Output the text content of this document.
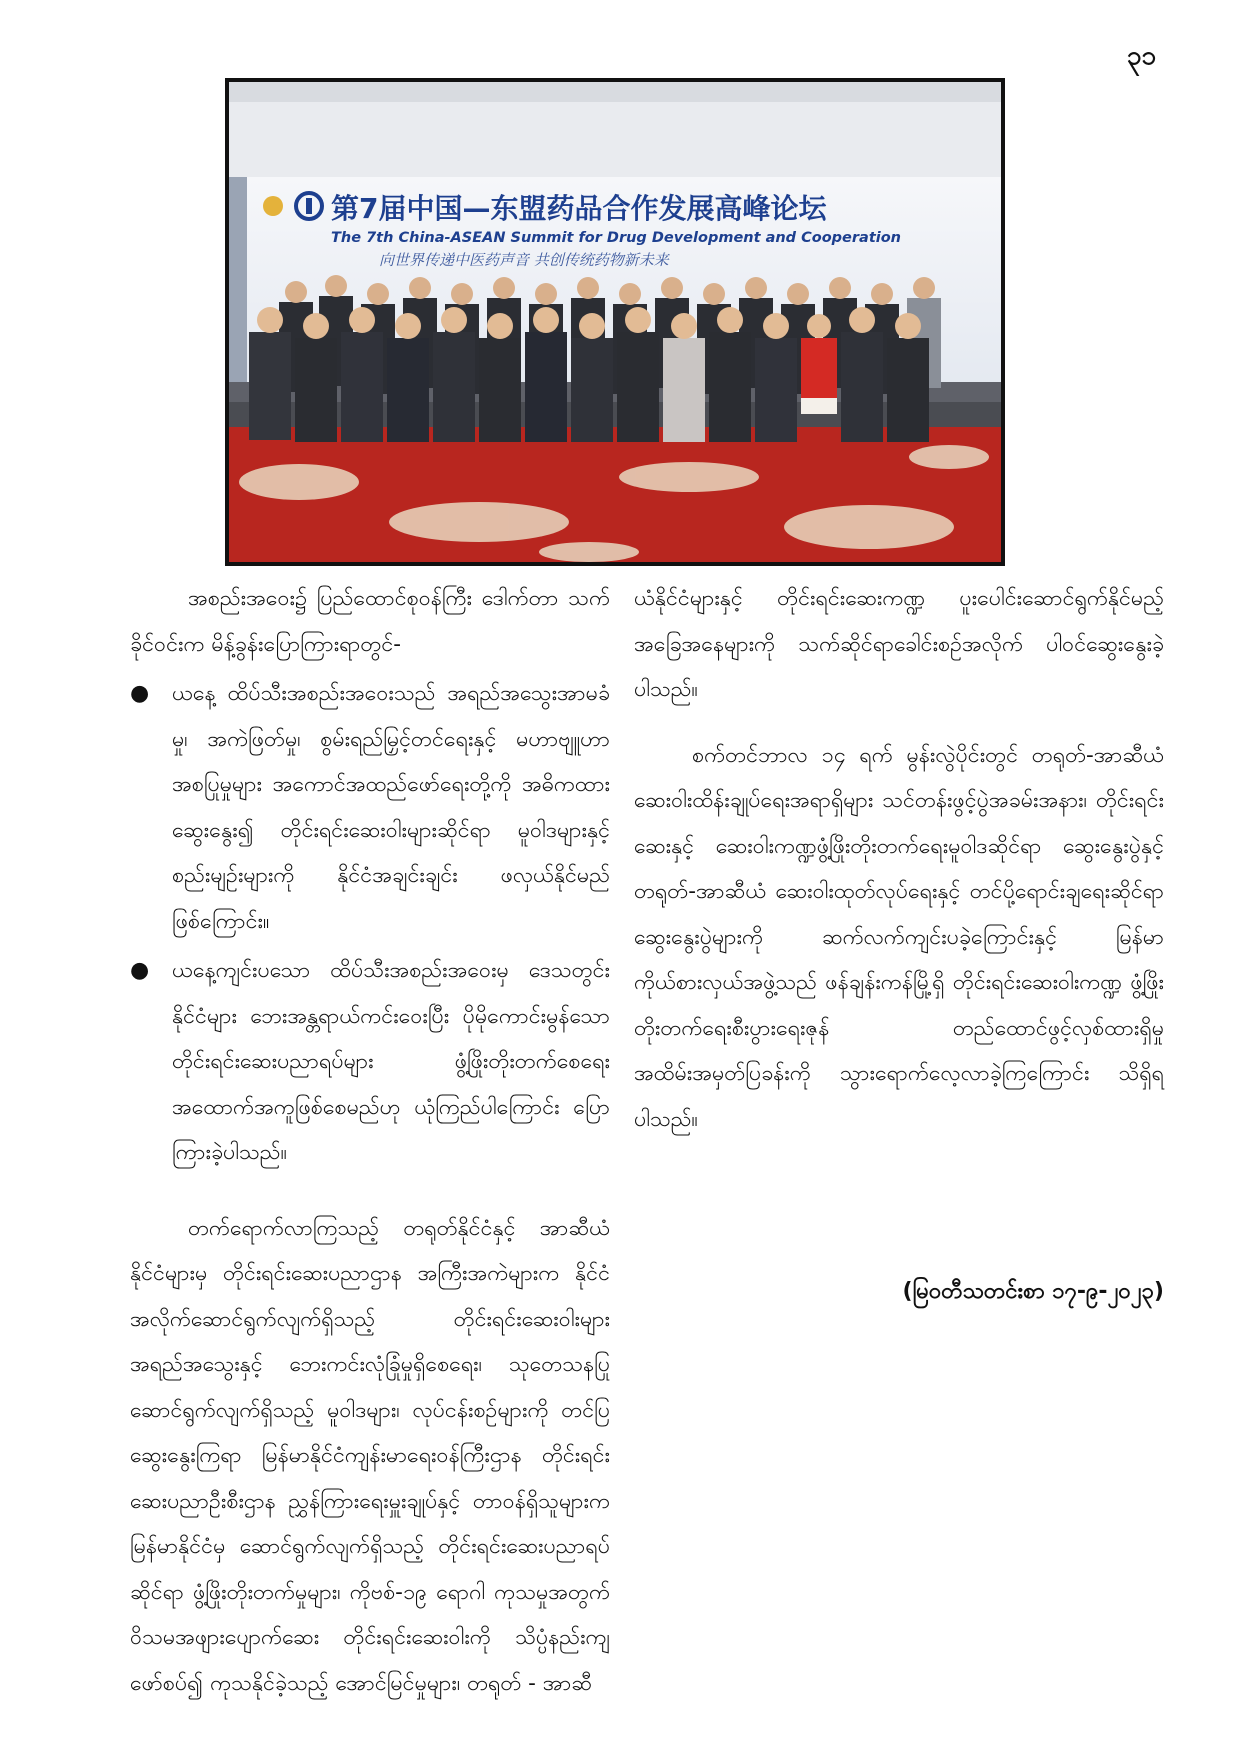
၃၁
第7届中国—东盟药品合作发展高峰论坛
The 7th China-ASEAN Summit for Drug Development and Cooperation
向世界传递中医药声音 共创传统药物新未来

အစည်းအဝေး၌ ပြည်ထောင်စုဝန်ကြီး ဒေါက်တာ သက်ခိုင်ဝင်းက မိန့်ခွန်းပြောကြားရာတွင်-

● ယနေ့ ထိပ်သီးအစည်းအဝေးသည် အရည်အသွေးအာမခံမှု၊ အကဲဖြတ်မှု၊ စွမ်းရည်မြှင့်တင်ရေးနှင့် မဟာဗျူဟာအစပြုမှုများ အကောင်အထည်ဖော်ရေးတို့ကို အဓိကထား ဆွေးနွေး၍ တိုင်းရင်းဆေးဝါးများဆိုင်ရာ မူဝါဒများနှင့်စည်းမျဉ်းများကို နိုင်ငံအချင်းချင်း ဖလှယ်နိုင်မည်ဖြစ်ကြောင်း။
● ယနေ့ကျင်းပသော ထိပ်သီးအစည်းအဝေးမှ ဒေသတွင်းနိုင်ငံများ ဘေးအန္တရာယ်ကင်းဝေးပြီး ပိုမိုကောင်းမွန်သော တိုင်းရင်းဆေးပညာရပ်များ ဖွံ့ဖြိုးတိုးတက်စေရေး အထောက်အကူဖြစ်စေမည်ဟု ယုံကြည်ပါကြောင်း ပြောကြားခဲ့ပါသည်။

တက်ရောက်လာကြသည့် တရုတ်နိုင်ငံနှင့် အာဆီယံနိုင်ငံများမှ တိုင်းရင်းဆေးပညာဌာန အကြီးအကဲများက နိုင်ငံအလိုက်ဆောင်ရွက်လျက်ရှိသည့် တိုင်းရင်းဆေးဝါးများ အရည်အသွေးနှင့် ဘေးကင်းလုံခြုံမှုရှိစေရေး၊ သုတေသနပြုဆောင်ရွက်လျက်ရှိသည့် မူဝါဒများ၊ လုပ်ငန်းစဉ်များကို တင်ပြဆွေးနွေးကြရာ မြန်မာနိုင်ငံကျန်းမာရေးဝန်ကြီးဌာန တိုင်းရင်းဆေးပညာဦးစီးဌာန ညွှန်ကြားရေးမှူးချုပ်နှင့် တာဝန်ရှိသူများက မြန်မာနိုင်ငံမှ ဆောင်ရွက်လျက်ရှိသည့် တိုင်းရင်းဆေးပညာရပ်ဆိုင်ရာ ဖွံ့ဖြိုးတိုးတက်မှုများ၊ ကိုဗစ်-၁၉ ရောဂါ ကုသမှုအတွက် ဝိသမအဖျားပျောက်ဆေး တိုင်းရင်းဆေးဝါးကို သိပ္ပံနည်းကျဖော်စပ်၍ ကုသနိုင်ခဲ့သည့် အောင်မြင်မှုများ၊ တရုတ် - အာဆီ

ယံနိုင်ငံများနှင့် တိုင်းရင်းဆေးကဏ္ဍ ပူးပေါင်းဆောင်ရွက်နိုင်မည့် အခြေအနေများကို သက်ဆိုင်ရာခေါင်းစဉ်အလိုက် ပါဝင်ဆွေးနွေးခဲ့ပါသည်။

စက်တင်ဘာလ ၁၄ ရက် မွန်းလွဲပိုင်းတွင် တရုတ်-အာဆီယံ ဆေးဝါးထိန်းချုပ်ရေးအရာရှိများ သင်တန်းဖွင့်ပွဲအခမ်းအနား၊ တိုင်းရင်းဆေးနှင့် ဆေးဝါးကဏ္ဍဖွံ့ဖြိုးတိုးတက်ရေးမူဝါဒဆိုင်ရာ ဆွေးနွေးပွဲနှင့် တရုတ်-အာဆီယံ ဆေးဝါးထုတ်လုပ်ရေးနှင့် တင်ပို့ရောင်းချရေးဆိုင်ရာ ဆွေးနွေးပွဲများကို ဆက်လက်ကျင်းပခဲ့ကြောင်းနှင့် မြန်မာကိုယ်စားလှယ်အဖွဲ့သည် ဖန်ချန်းကန်မြို့ရှိ တိုင်းရင်းဆေးဝါးကဏ္ဍ ဖွံ့ဖြိုးတိုးတက်ရေးစီးပွားရေးဇုန် တည်ထောင်ဖွင့်လှစ်ထားရှိမှု အထိမ်းအမှတ်ပြခန်းကို သွားရောက်လေ့လာခဲ့ကြကြောင်း သိရှိရပါသည်။

(မြဝတီသတင်းစာ ၁၇-၉-၂၀၂၃)
